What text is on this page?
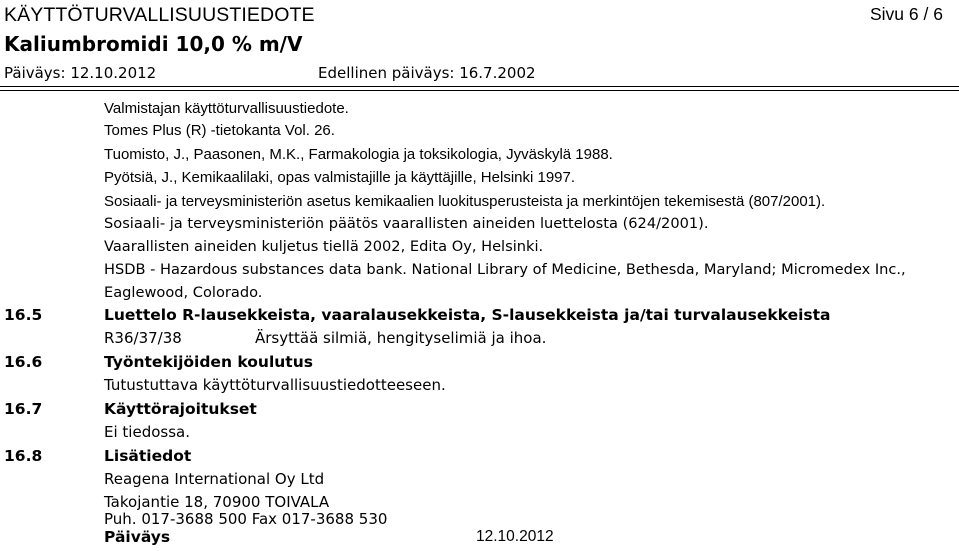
KÄYTTÖTURVALLISUUSTIEDOTE	Sivu 6 / 6
Kaliumbromidi 10,0 % m/V
Päiväys: 12.10.2012	Edellinen päiväys: 16.7.2002
Valmistajan käyttöturvallisuustiedote.
Tomes Plus (R) -tietokanta Vol. 26.
Tuomisto, J., Paasonen, M.K., Farmakologia ja toksikologia, Jyväskylä 1988.
Pyötsiä, J., Kemikaalilaki, opas valmistajille ja käyttäjille, Helsinki 1997.
Sosiaali- ja terveysministeriön asetus kemikaalien luokitusperusteista ja merkintöjen tekemisestä (807/2001).
Sosiaali- ja terveysministeriön päätös vaarallisten aineiden luettelosta (624/2001).
Vaarallisten aineiden kuljetus tiellä 2002, Edita Oy, Helsinki.
HSDB - Hazardous substances data bank. National Library of Medicine, Bethesda, Maryland; Micromedex Inc.,
Eaglewood, Colorado.
16.5	Luettelo R-lausekkeista, vaaralausekkeista, S-lausekkeista ja/tai turvalausekkeista
R36/37/38	Ärsyttää silmiä, hengityselimiä ja ihoa.
16.6	Työntekijöiden koulutus
Tutustuttava käyttöturvallisuustiedotteeseen.
16.7	Käyttörajoitukset
Ei tiedossa.
16.8	Lisätiedot
Reagena International Oy Ltd
Takojantie 18, 70900 TOIVALA
Puh. 017-3688 500 Fax 017-3688 530
Päiväys	12.10.2012
